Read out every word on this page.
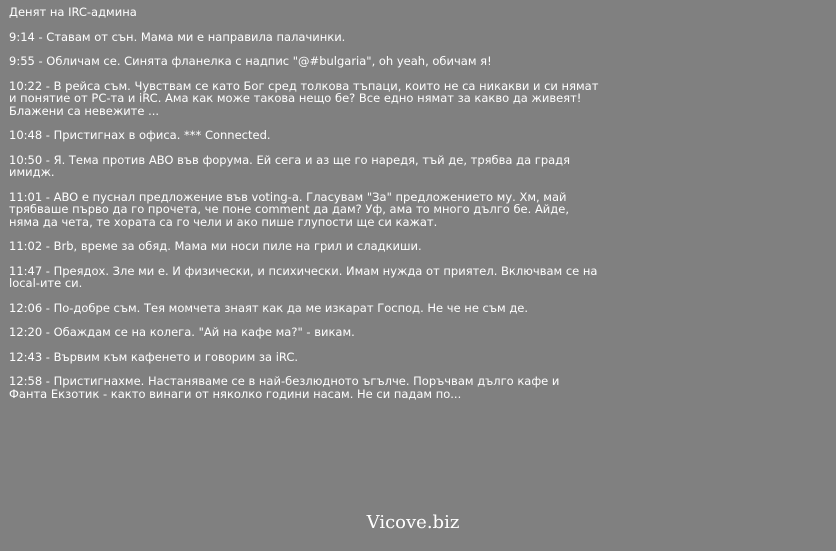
Денят на IRC-админа
9:14 - Ставам от сън. Мама ми е направила палачинки.
9:55 - Обличам се. Синята фланелка с надпис "@#bulgaria", oh yeah, обичам я!
10:22 - В рейса съм. Чувствам се като Бог сред толкова тъпаци, които не са никакви и си нямат и понятие от PC-та и iRC. Ама как може такова нещо бе? Все едно нямат за какво да живеят! Блажени са невежите ...
10:48 - Пристигнах в офиса. *** Connected.
10:50 - Я. Тема против ABO във форума. Ей сега и аз ще го наредя, тъй де, трябва да градя имидж.
11:01 - ABO е пуснал предложение във voting-а. Гласувам "За" предложението му. Хм, май трябваше първо да го прочета, че поне comment да дам? Уф, ама то много дълго бе. Айде, няма да чета, те хората са го чели и ако пише глупости ще си кажат.
11:02 - Brb, време за обяд. Мама ми носи пиле на грил и сладкиши.
11:47 - Преядох. Зле ми е. И физически, и психически. Имам нужда от приятел. Включвам се на local-ите си.
12:06 - По-добре съм. Тея момчета знаят как да ме изкарат Господ. Не че не съм де.
12:20 - Обаждам се на колега. "Ай на кафе ма?" - викам.
12:43 - Вървим към кафенето и говорим за iRC.
12:58 - Пристигнахме. Настаняваме се в най-безлюдното ъгълче. Поръчвам дълго кафе и Фанта Екзотик - както винаги от няколко години насам. Не си падам по...
Vicove.biz
